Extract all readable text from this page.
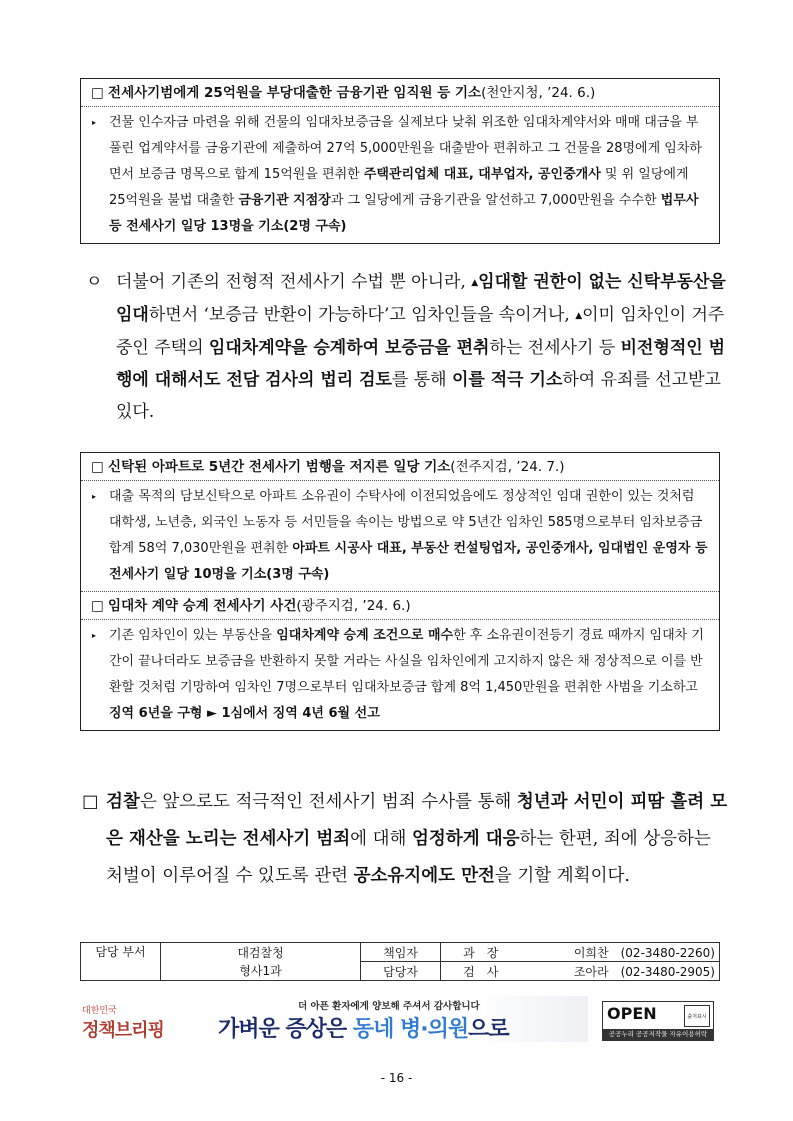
□ 전세사기범에게 25억원을 부당대출한 금융기관 임직원 등 기소(천안지청, ’24. 6.)
▸ 건물 인수자금 마련을 위해 건물의 임대차보증금을 실제보다 낮춰 위조한 임대차계약서와 매매 대금을 부풀린 업계약서를 금융기관에 제출하여 27억 5,000만원을 대출받아 편취하고 그 건물을 28명에게 임차하면서 보증금 명목으로 합계 15억원을 편취한 주택관리업체 대표, 대부업자, 공인중개사 및 위 일당에게 25억원을 불법 대출한 금융기관 지점장과 그 일당에게 금융기관을 알선하고 7,000만원을 수수한 법무사 등 전세사기 일당 13명을 기소(2명 구속)
ㅇ 더불어 기존의 전형적 전세사기 수법 뿐 아니라, ▲임대할 권한이 없는 신탁부동산을 임대하면서 ‘보증금 반환이 가능하다’고 임차인들을 속이거나, ▲이미 임차인이 거주 중인 주택의 임대차계약을 승계하여 보증금을 편취하는 전세사기 등 비전형적인 범행에 대해서도 전담 검사의 법리 검토를 통해 이를 적극 기소하여 유죄를 선고받고 있다.
□ 신탁된 아파트로 5년간 전세사기 범행을 저지른 일당 기소(전주지검, ’24. 7.)
▸ 대출 목적의 담보신탁으로 아파트 소유권이 수탁사에 이전되었음에도 정상적인 임대 권한이 있는 것처럼 대학생, 노년층, 외국인 노동자 등 서민들을 속이는 방법으로 약 5년간 임차인 585명으로부터 임차보증금 합계 58억 7,030만원을 편취한 아파트 시공사 대표, 부동산 컨설팅업자, 공인중개사, 임대법인 운영자 등 전세사기 일당 10명을 기소(3명 구속)
□ 임대차 계약 승계 전세사기 사건(광주지검, ’24. 6.)
▸ 기존 임차인이 있는 부동산을 임대차계약 승계 조건으로 매수한 후 소유권이전등기 경료 때까지 임대차 기간이 끝나더라도 보증금을 반환하지 못할 거라는 사실을 임차인에게 고지하지 않은 채 정상적으로 이를 반환할 것처럼 기망하여 임차인 7명으로부터 임대차보증금 합계 8억 1,450만원을 편취한 사범을 기소하고 징역 6년을 구형 ► 1심에서 징역 4년 6월 선고
□ 검찰은 앞으로도 적극적인 전세사기 범죄 수사를 통해 청년과 서민이 피땀 흘려 모은 재산을 노리는 전세사기 범죄에 대해 엄정하게 대응하는 한편, 죄에 상응하는 처벌이 이루어질 수 있도록 관련 공소유지에도 만전을 기할 계획이다.
담당 부서	대검찰청	책임자	과　장	이희찬　(02-3480-2260)
	형사1과	담당자	검　사	조아라　(02-3480-2905)
대한민국
정책브리핑
더 아픈 환자에게 양보해 주셔서 감사합니다
가벼운 증상은 동네 병·의원으로
OPEN	출처표시
공공누리 공공저작물 자유이용허락
- 16 -
